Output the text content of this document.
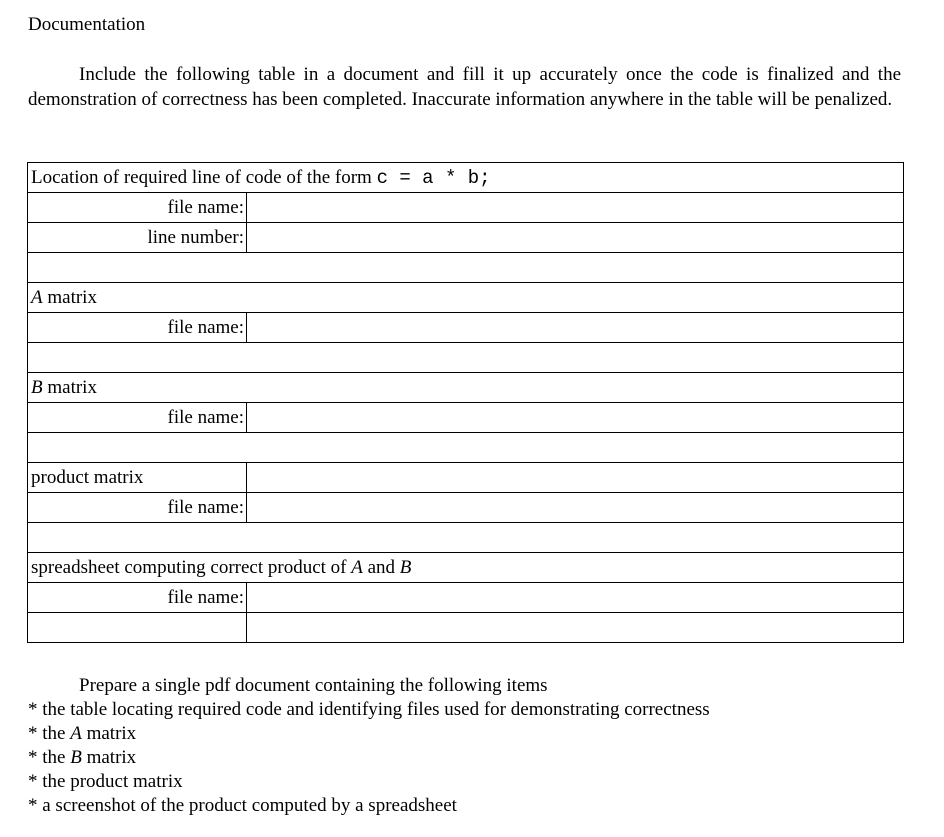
Documentation

Include the following table in a document and fill it up accurately once the code is finalized and the demonstration of correctness has been completed. Inaccurate information anywhere in the table will be penalized.

Location of required line of code of the form c = a * b;	
file name:	
line number:	

A matrix	
file name:	

B matrix	
file name:	

product matrix	
file name:	

spreadsheet computing correct product of A and B	
file name:	

Prepare a single pdf document containing the following items
* the table locating required code and identifying files used for demonstrating correctness
* the A matrix
* the B matrix
* the product matrix
* a screenshot of the product computed by a spreadsheet
